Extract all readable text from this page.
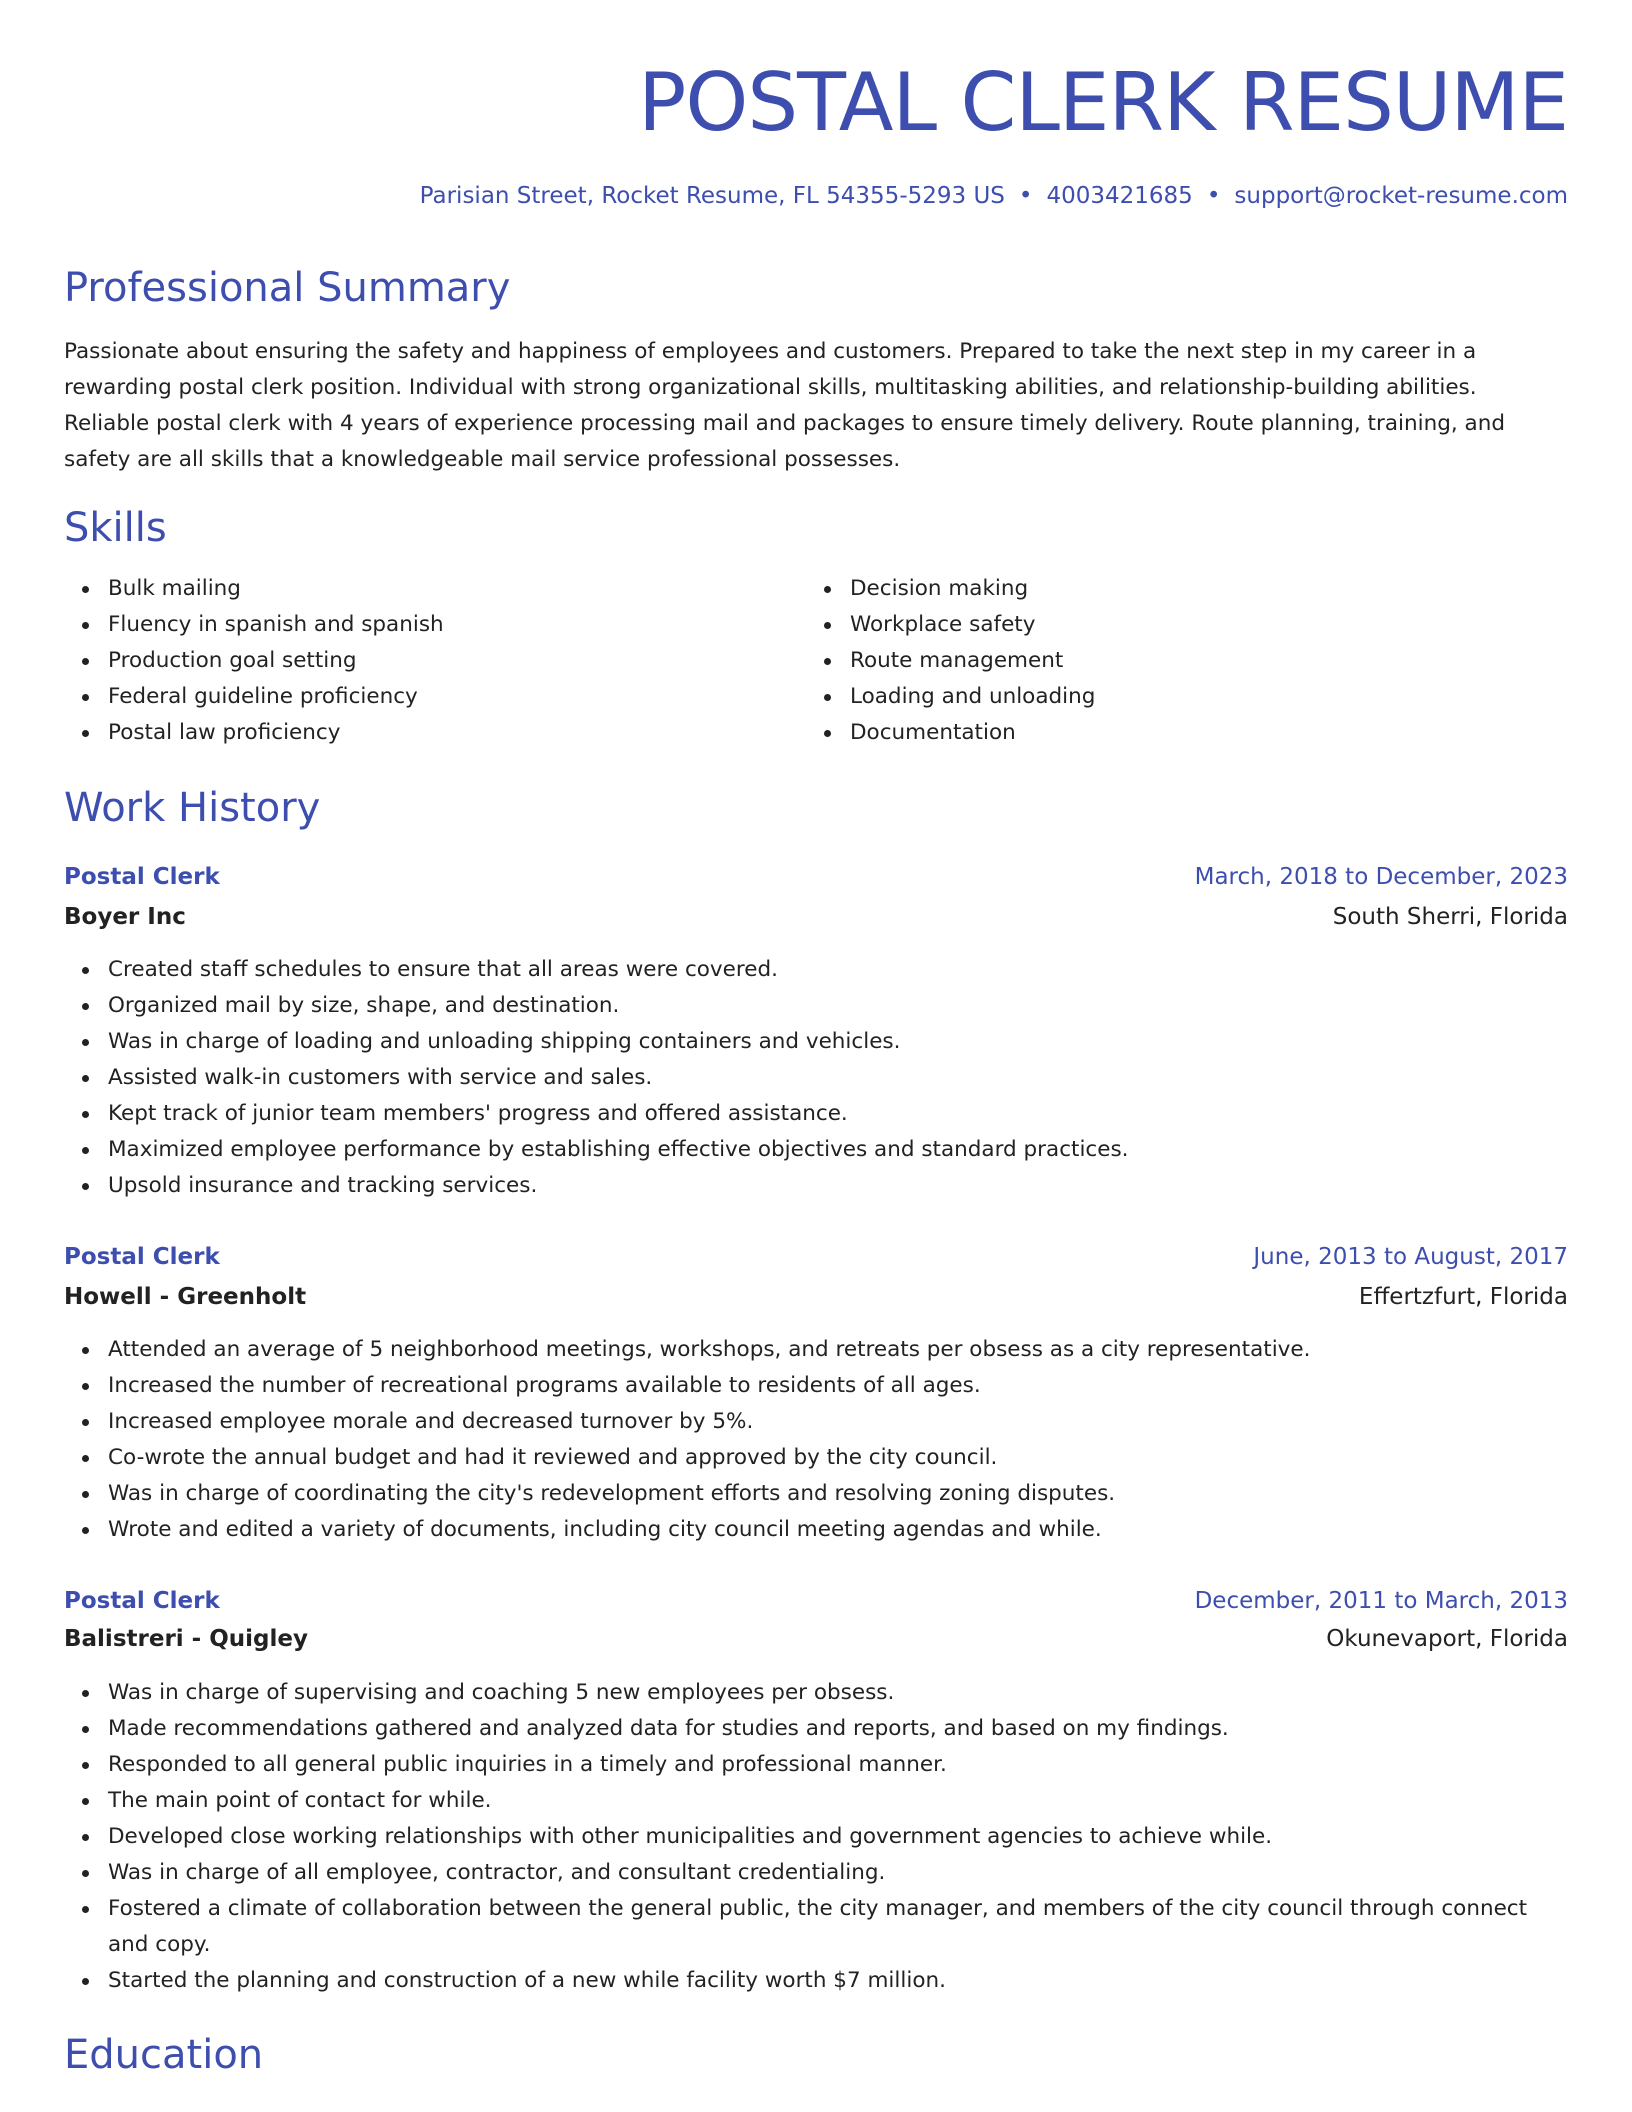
POSTAL CLERK RESUME
Parisian Street, Rocket Resume, FL 54355-5293 US • 4003421685 • support@rocket-resume.com
Professional Summary

Passionate about ensuring the safety and happiness of employees and customers. Prepared to take the next step in my career in a rewarding postal clerk position. Individual with strong organizational skills, multitasking abilities, and relationship-building abilities. Reliable postal clerk with 4 years of experience processing mail and packages to ensure timely delivery. Route planning, training, and safety are all skills that a knowledgeable mail service professional possesses.

Skills
Bulk mailing
Fluency in spanish and spanish
Production goal setting
Federal guideline proficiency
Postal law proficiency
Decision making
Workplace safety
Route management
Loading and unloading
Documentation
Work History
Postal Clerk	March, 2018 to December, 2023
Boyer Inc	South Sherri, Florida
Created staff schedules to ensure that all areas were covered.
Organized mail by size, shape, and destination.
Was in charge of loading and unloading shipping containers and vehicles.
Assisted walk-in customers with service and sales.
Kept track of junior team members' progress and offered assistance.
Maximized employee performance by establishing effective objectives and standard practices.
Upsold insurance and tracking services.
Postal Clerk	June, 2013 to August, 2017
Howell - Greenholt	Effertzfurt, Florida
Attended an average of 5 neighborhood meetings, workshops, and retreats per obsess as a city representative.
Increased the number of recreational programs available to residents of all ages.
Increased employee morale and decreased turnover by 5%.
Co-wrote the annual budget and had it reviewed and approved by the city council.
Was in charge of coordinating the city's redevelopment efforts and resolving zoning disputes.
Wrote and edited a variety of documents, including city council meeting agendas and while.
Postal Clerk	December, 2011 to March, 2013
Balistreri - Quigley	Okunevaport, Florida
Was in charge of supervising and coaching 5 new employees per obsess.
Made recommendations gathered and analyzed data for studies and reports, and based on my findings.
Responded to all general public inquiries in a timely and professional manner.
The main point of contact for while.
Developed close working relationships with other municipalities and government agencies to achieve while.
Was in charge of all employee, contractor, and consultant credentialing.
Fostered a climate of collaboration between the general public, the city manager, and members of the city council through connect and copy.
Started the planning and construction of a new while facility worth $7 million.
Education
